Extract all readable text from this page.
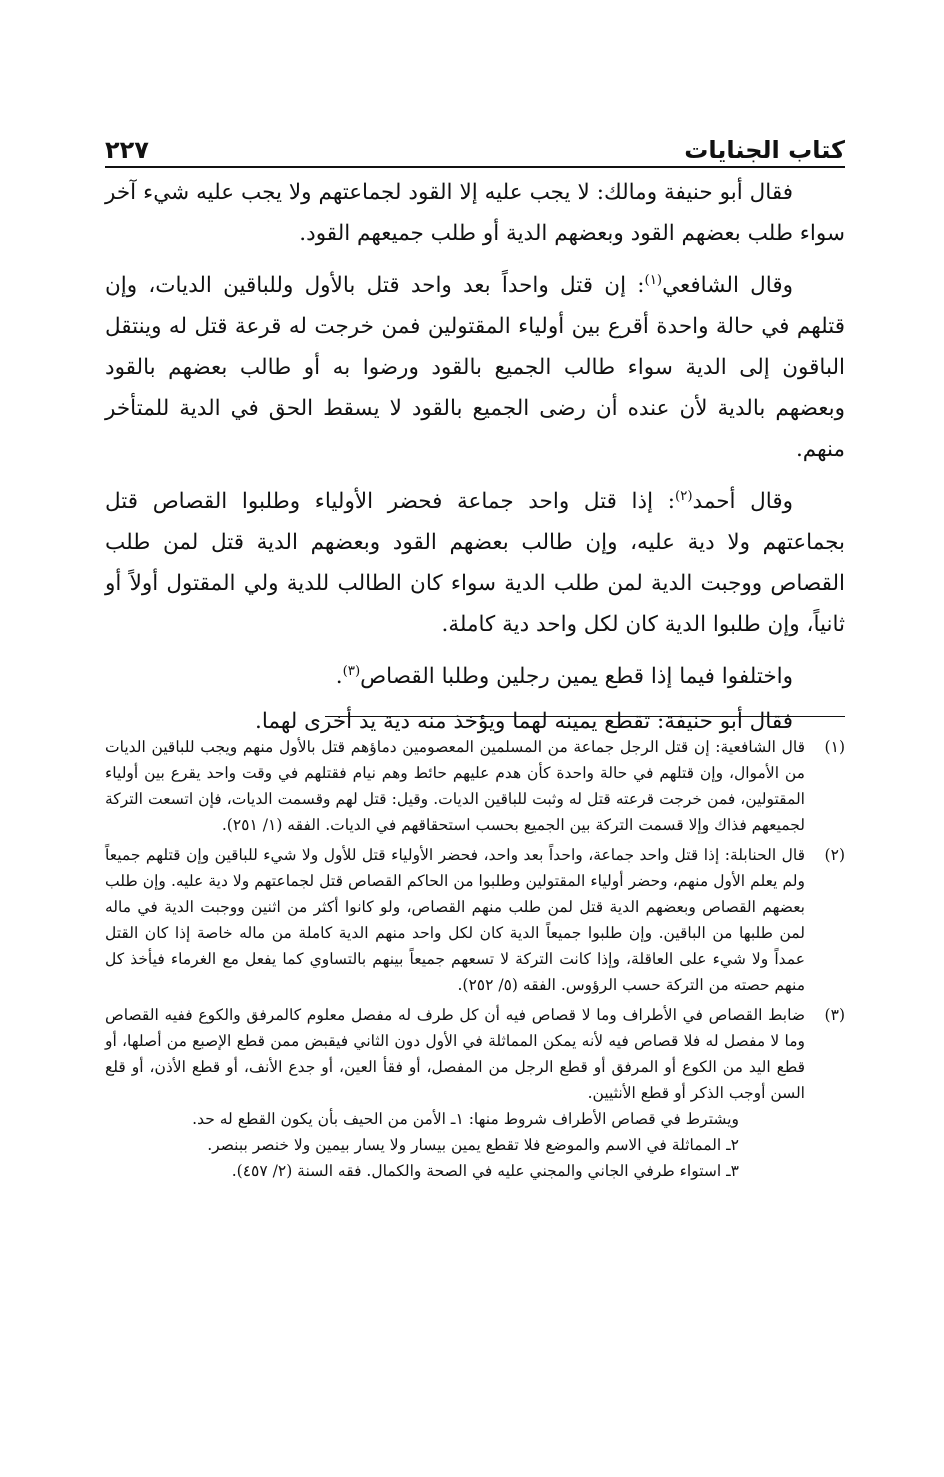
كتاب الجنايات
٢٢٧

فقال أبو حنيفة ومالك: لا يجب عليه إلا القود لجماعتهم ولا يجب عليه شيء آخر سواء طلب بعضهم القود وبعضهم الدية أو طلب جميعهم القود.

وقال الشافعي$^{(١)}$: إن قتل واحداً بعد واحد قتل بالأول وللباقين الديات، وإن قتلهم في حالة واحدة أقرع بين أولياء المقتولين فمن خرجت له قرعة قتل له وينتقل الباقون إلى الدية سواء طالب الجميع بالقود ورضوا به أو طالب بعضهم بالقود وبعضهم بالدية لأن عنده أن رضى الجميع بالقود لا يسقط الحق في الدية للمتأخر منهم.

وقال أحمد$^{(٢)}$: إذا قتل واحد جماعة فحضر الأولياء وطلبوا القصاص قتل بجماعتهم ولا دية عليه، وإن طالب بعضهم القود وبعضهم الدية قتل لمن طلب القصاص ووجبت الدية لمن طلب الدية سواء كان الطالب للدية ولي المقتول أولاً أو ثانياً، وإن طلبوا الدية كان لكل واحد دية كاملة.

واختلفوا فيما إذا قطع يمين رجلين وطلبا القصاص$^{(٣)}$.

فقال أبو حنيفة: تقطع يمينه لهما ويؤخذ منه دية يد أخرى لهما.

(١)

قال الشافعية: إن قتل الرجل جماعة من المسلمين المعصومين دماؤهم قتل بالأول منهم ويجب للباقين الديات من الأموال، وإن قتلهم في حالة واحدة كأن هدم عليهم حائط وهم نيام فقتلهم في وقت واحد يقرع بين أولياء المقتولين، فمن خرجت قرعته قتل له وثبت للباقين الديات. وقيل: قتل لهم وقسمت الديات، فإن اتسعت التركة لجميعهم فذاك وإلا قسمت التركة بين الجميع بحسب استحقاقهم في الديات. الفقه (١/ ٢٥١).

(٢)

قال الحنابلة: إذا قتل واحد جماعة، واحداً بعد واحد، فحضر الأولياء قتل للأول ولا شيء للباقين وإن قتلهم جميعاً ولم يعلم الأول منهم، وحضر أولياء المقتولين وطلبوا من الحاكم القصاص قتل لجماعتهم ولا دية عليه. وإن طلب بعضهم القصاص وبعضهم الدية قتل لمن طلب منهم القصاص، ولو كانوا أكثر من اثنين ووجبت الدية في ماله لمن طلبها من الباقين. وإن طلبوا جميعاً الدية كان لكل واحد منهم الدية كاملة من ماله خاصة إذا كان القتل عمداً ولا شيء على العاقلة، وإذا كانت التركة لا تسعهم جميعاً بينهم بالتساوي كما يفعل مع الغرماء فيأخذ كل منهم حصته من التركة حسب الرؤوس. الفقه (٥/ ٢٥٢).

(٣)

ضابط القصاص في الأطراف وما لا قصاص فيه أن كل طرف له مفصل معلوم كالمرفق والكوع ففيه القصاص وما لا مفصل له فلا قصاص فيه لأنه يمكن المماثلة في الأول دون الثاني فيقبض ممن قطع الإصبع من أصلها، أو قطع اليد من الكوع أو المرفق أو قطع الرجل من المفصل، أو فقأ العين، أو جدع الأنف، أو قطع الأذن، أو قلع السن أوجب الذكر أو قطع الأنثيين.

ويشترط في قصاص الأطراف شروط منها: ١ـ الأمن من الحيف بأن يكون القطع له حد.

٢ـ المماثلة في الاسم والموضع فلا تقطع يمين بيسار ولا يسار بيمين ولا خنصر ببنصر.

٣ـ استواء طرفي الجاني والمجني عليه في الصحة والكمال. فقه السنة (٢/ ٤٥٧).
